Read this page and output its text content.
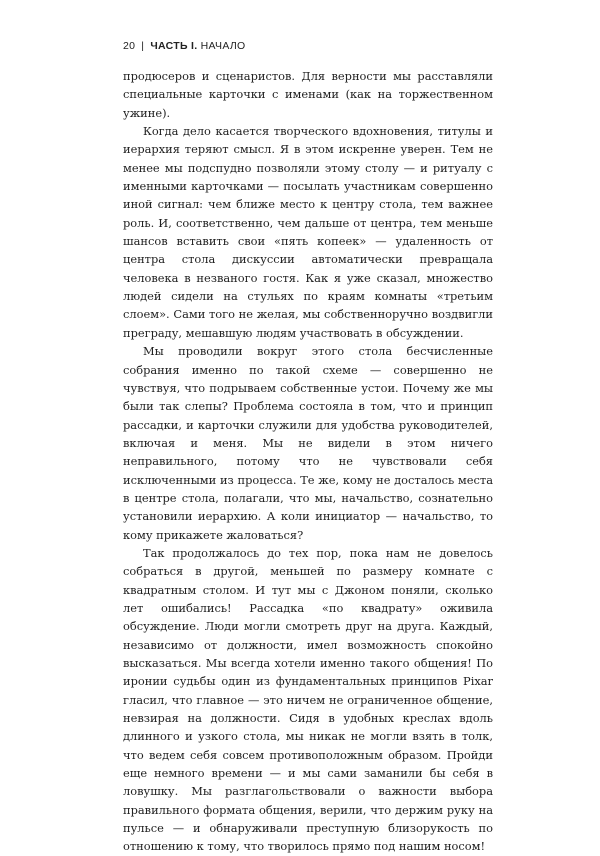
20 | ЧАСТЬ I. НАЧАЛО

продюсеров и сценаристов. Для верности мы расставляли специальные карточки с именами (как на торжественном ужине).

Когда дело касается творческого вдохновения, титулы и иерархия теряют смысл. Я в этом искренне уверен. Тем не менее мы подспудно позволяли этому столу — и ритуалу с именными карточками — посылать участникам совершенно иной сигнал: чем ближе место к центру стола, тем важнее роль. И, соответственно, чем дальше от центра, тем меньше шансов вставить свои «пять копеек» — удаленность от центра стола дискуссии автоматически превращала человека в незваного гостя. Как я уже сказал, множество людей сидели на стульях по краям комнаты «третьим слоем». Сами того не желая, мы собственноручно воздвигли преграду, мешавшую людям участвовать в обсуждении.

Мы проводили вокруг этого стола бесчисленные собрания именно по такой схеме — совершенно не чувствуя, что подрываем собственные устои. Почему же мы были так слепы? Проблема состояла в том, что и принцип рассадки, и карточки служили для удобства руководителей, включая и меня. Мы не видели в этом ничего неправильного, потому что не чувствовали себя исключенными из процесса. Те же, кому не досталось места в центре стола, полагали, что мы, начальство, сознательно установили иерархию. А коли инициатор — начальство, то кому прикажете жаловаться?

Так продолжалось до тех пор, пока нам не довелось собраться в другой, меньшей по размеру комнате с квадратным столом. И тут мы с Джоном поняли, сколько лет ошибались! Рассадка «по квадрату» оживила обсуждение. Люди могли смотреть друг на друга. Каждый, независимо от должности, имел возможность спокойно высказаться. Мы всегда хотели именно такого общения! По иронии судьбы один из фундаментальных принципов Pixar гласил, что главное — это ничем не ограниченное общение, невзирая на должности. Сидя в удобных креслах вдоль длинного и узкого стола, мы никак не могли взять в толк, что ведем себя совсем противоположным образом. Пройди еще немного времени — и мы сами заманили бы себя в ловушку. Мы разглагольствовали о важности выбора правильного формата общения, верили, что держим руку на пульсе — и обнаруживали преступную близорукость по отношению к тому, что творилось прямо под нашим носом!
